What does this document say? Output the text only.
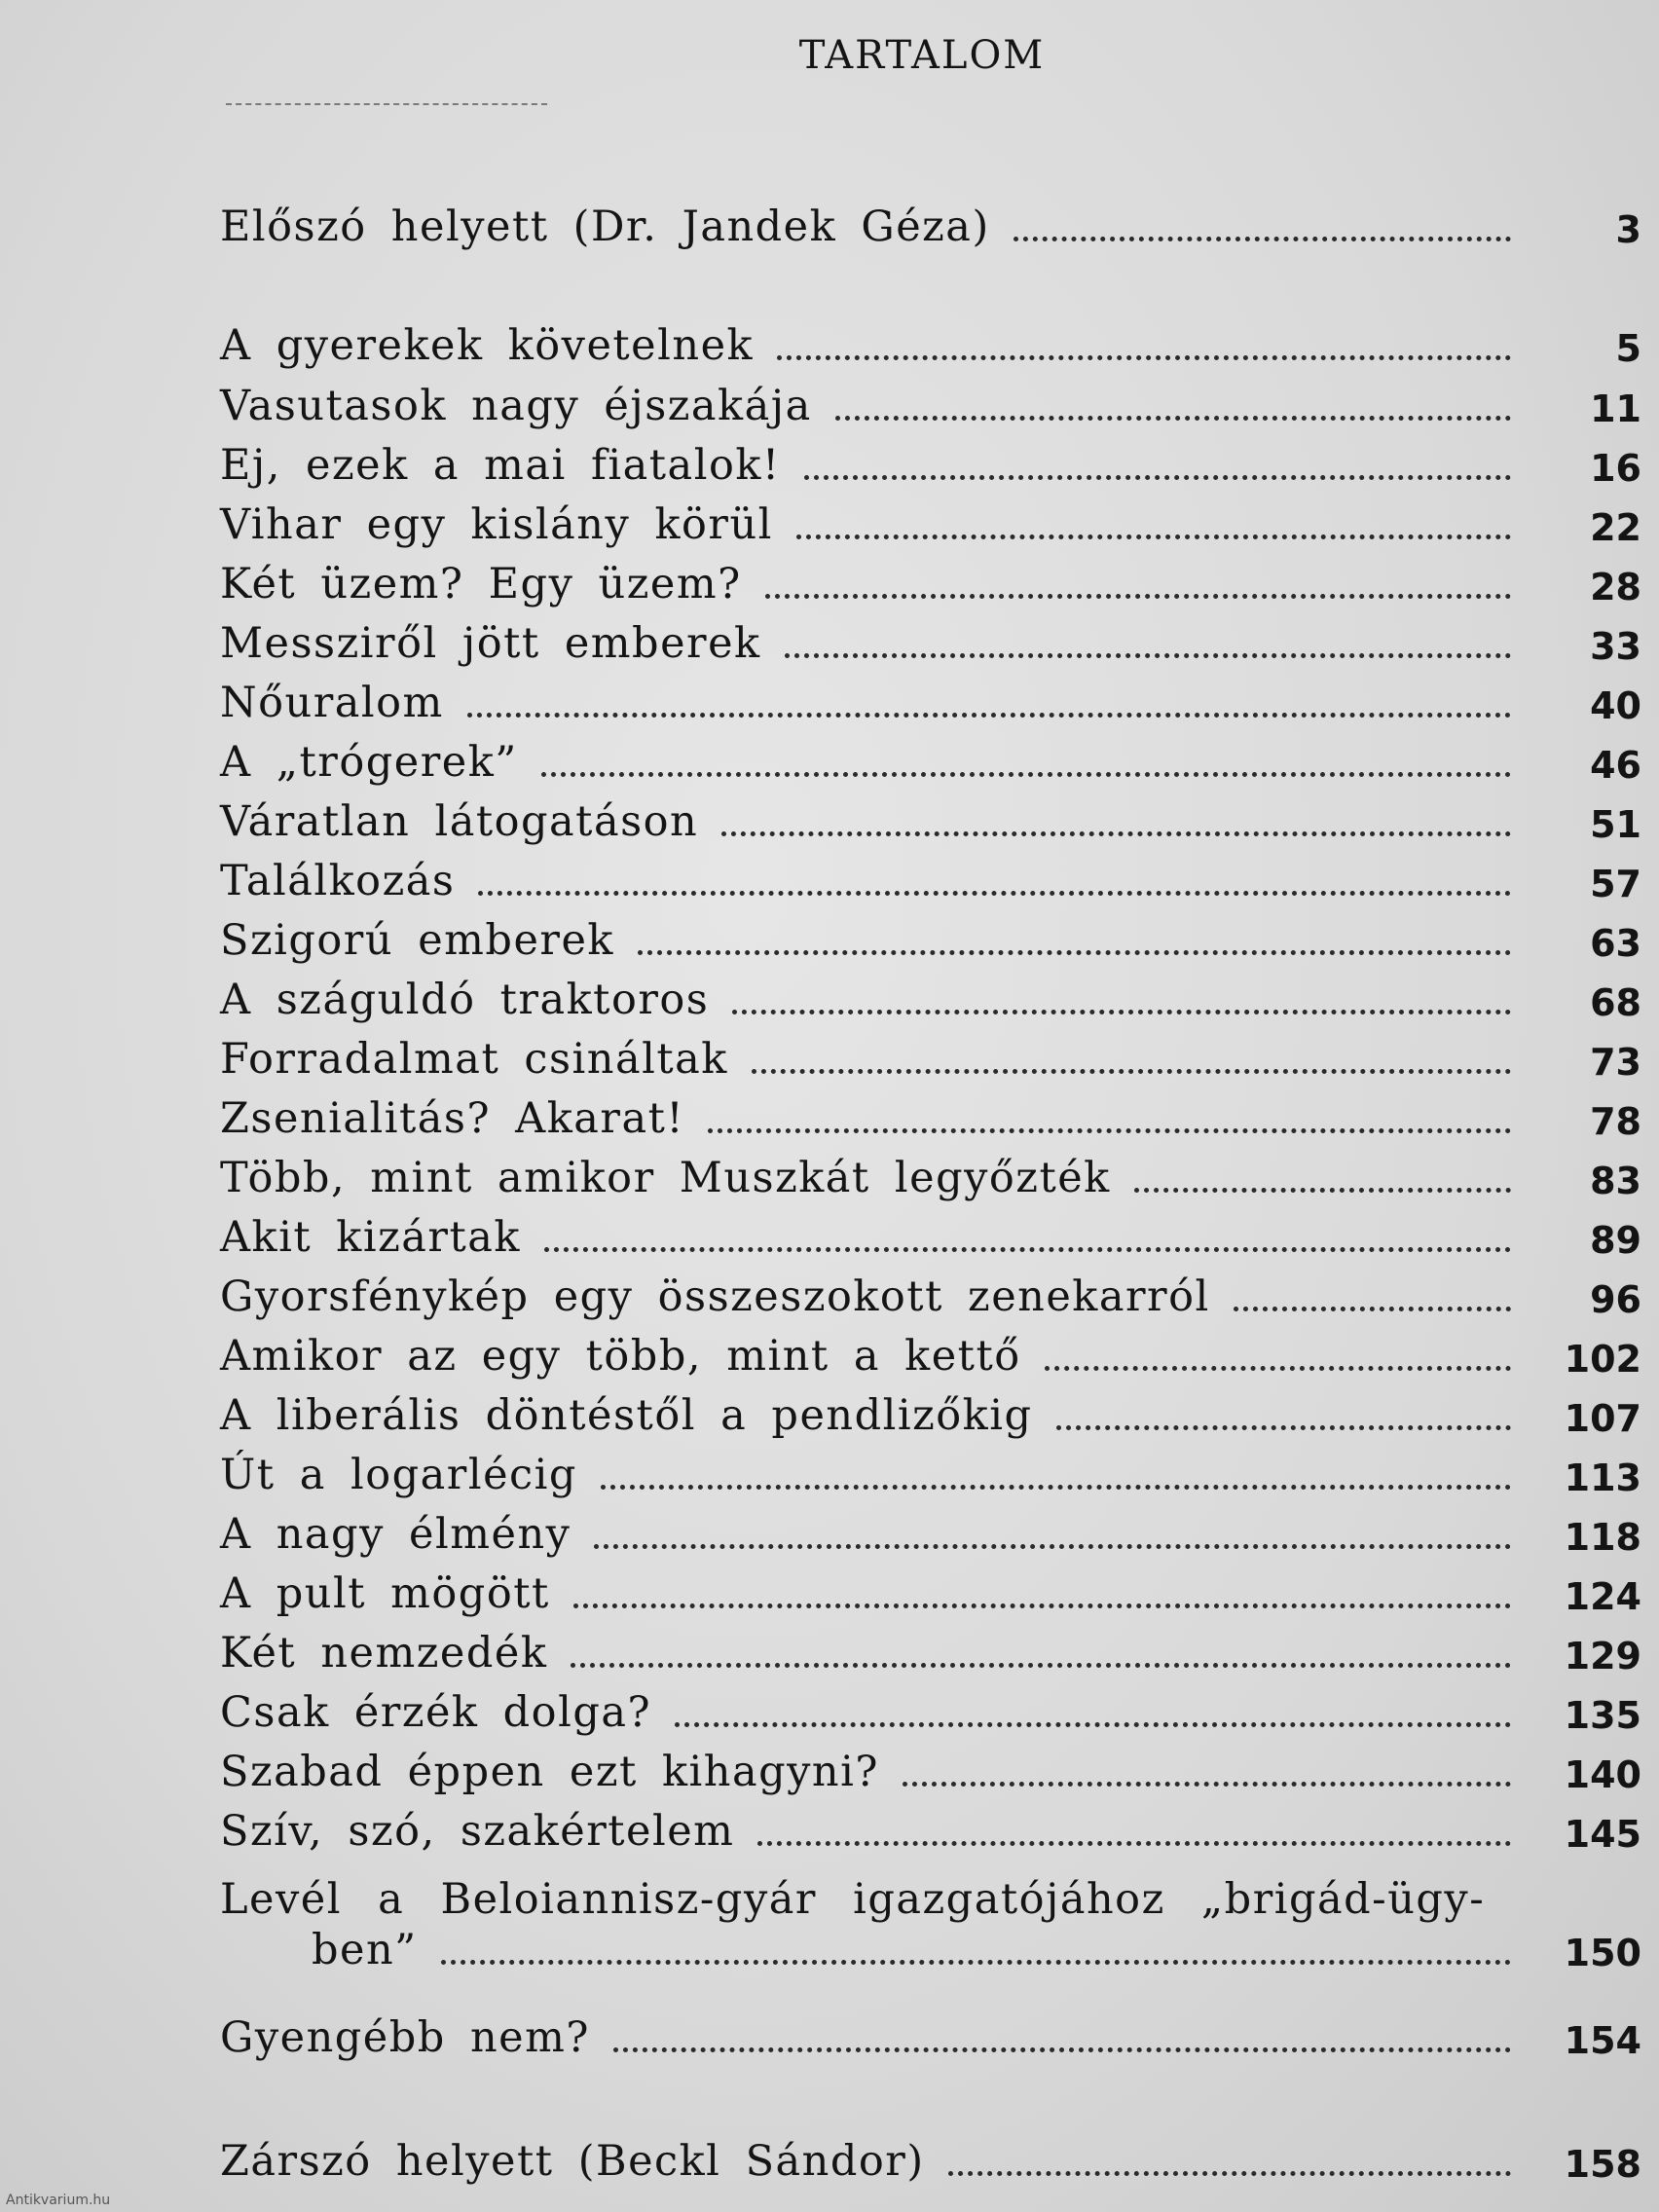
TARTALOM
Előszó helyett (Dr. Jandek Géza)	3
A gyerekek követelnek	5
Vasutasok nagy éjszakája	11
Ej, ezek a mai fiatalok!	16
Vihar egy kislány körül	22
Két üzem? Egy üzem?	28
Messziről jött emberek	33
Nőuralom	40
A „trógerek”	46
Váratlan látogatáson	51
Találkozás	57
Szigorú emberek	63
A száguldó traktoros	68
Forradalmat csináltak	73
Zsenialitás? Akarat!	78
Több, mint amikor Muszkát legyőzték	83
Akit kizártak	89
Gyorsfénykép egy összeszokott zenekarról	96
Amikor az egy több, mint a kettő	102
A liberális döntéstől a pendlizőkig	107
Út a logarlécig	113
A nagy élmény	118
A pult mögött	124
Két nemzedék	129
Csak érzék dolga?	135
Szabad éppen ezt kihagyni?	140
Szív, szó, szakértelem	145
Levél a Beloiannisz-gyár igazgatójához „brigád-ügy-
ben”	150
Gyengébb nem?	154
Zárszó helyett (Beckl Sándor)	158
Antikvarium.hu
